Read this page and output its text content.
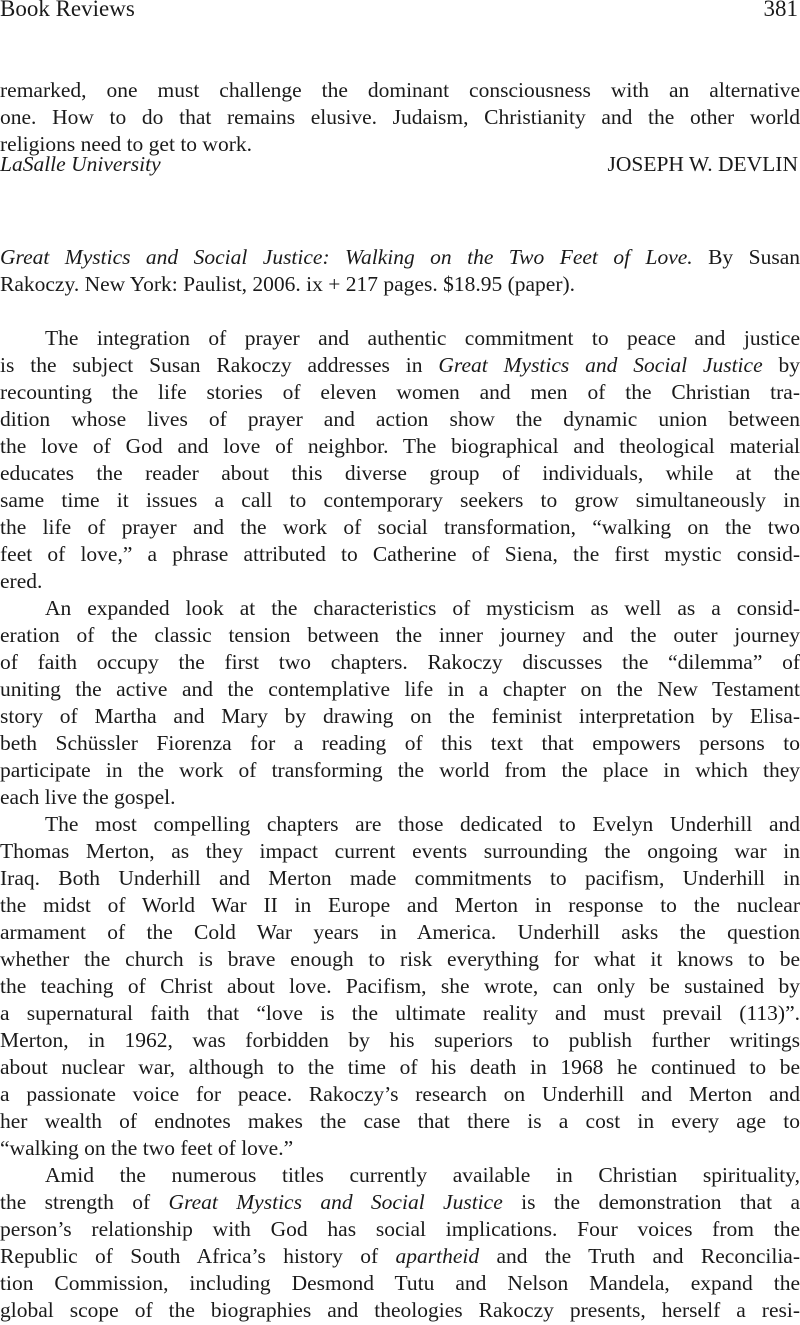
Book Reviews	381
remarked, one must challenge the dominant consciousness with an alternative
one. How to do that remains elusive. Judaism, Christianity and the other world
religions need to get to work.
LaSalle University	JOSEPH W. DEVLIN
Great Mystics and Social Justice: Walking on the Two Feet of Love. By Susan
Rakoczy. New York: Paulist, 2006. ix + 217 pages. $18.95 (paper).
The integration of prayer and authentic commitment to peace and justice
is the subject Susan Rakoczy addresses in Great Mystics and Social Justice by
recounting the life stories of eleven women and men of the Christian tra-
dition whose lives of prayer and action show the dynamic union between
the love of God and love of neighbor. The biographical and theological material
educates the reader about this diverse group of individuals, while at the
same time it issues a call to contemporary seekers to grow simultaneously in
the life of prayer and the work of social transformation, “walking on the two
feet of love,” a phrase attributed to Catherine of Siena, the first mystic consid-
ered.
An expanded look at the characteristics of mysticism as well as a consid-
eration of the classic tension between the inner journey and the outer journey
of faith occupy the first two chapters. Rakoczy discusses the “dilemma” of
uniting the active and the contemplative life in a chapter on the New Testament
story of Martha and Mary by drawing on the feminist interpretation by Elisa-
beth Schüssler Fiorenza for a reading of this text that empowers persons to
participate in the work of transforming the world from the place in which they
each live the gospel.
The most compelling chapters are those dedicated to Evelyn Underhill and
Thomas Merton, as they impact current events surrounding the ongoing war in
Iraq. Both Underhill and Merton made commitments to pacifism, Underhill in
the midst of World War II in Europe and Merton in response to the nuclear
armament of the Cold War years in America. Underhill asks the question
whether the church is brave enough to risk everything for what it knows to be
the teaching of Christ about love. Pacifism, she wrote, can only be sustained by
a supernatural faith that “love is the ultimate reality and must prevail (113)”.
Merton, in 1962, was forbidden by his superiors to publish further writings
about nuclear war, although to the time of his death in 1968 he continued to be
a passionate voice for peace. Rakoczy’s research on Underhill and Merton and
her wealth of endnotes makes the case that there is a cost in every age to
“walking on the two feet of love.”
Amid the numerous titles currently available in Christian spirituality,
the strength of Great Mystics and Social Justice is the demonstration that a
person’s relationship with God has social implications. Four voices from the
Republic of South Africa’s history of apartheid and the Truth and Reconcilia-
tion Commission, including Desmond Tutu and Nelson Mandela, expand the
global scope of the biographies and theologies Rakoczy presents, herself a resi-
